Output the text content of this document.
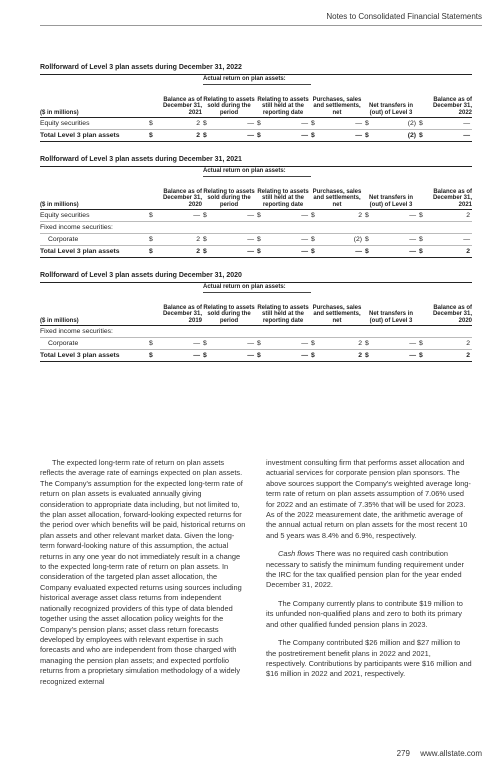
Notes to Consolidated Financial Statements
Rollforward of Level 3 plan assets during December 31, 2022
Actual return on plan assets:
($ in millions)
Balance as of December 31, 2021
Relating to assets sold during the period
Relating to assets still held at the reporting date
Purchases, sales and settlements, net
Net transfers in (out) of Level 3
Balance as of December 31, 2022
Equity securities	$	2 $	— $	— $	— $	(2) $	—
Total Level 3 plan assets	$	2 $	— $	— $	— $	(2) $	—
Rollforward of Level 3 plan assets during December 31, 2021
Actual return on plan assets:
($ in millions)
Balance as of December 31, 2020
Relating to assets sold during the period
Relating to assets still held at the reporting date
Purchases, sales and settlements, net
Net transfers in (out) of Level 3
Balance as of December 31, 2021
Equity securities	$	— $	— $	— $	2 $	— $	2
Fixed income securities:
Corporate	$	2 $	— $	— $	(2) $	— $	—
Total Level 3 plan assets	$	2 $	— $	— $	— $	— $	2
Rollforward of Level 3 plan assets during December 31, 2020
Actual return on plan assets:
($ in millions)
Balance as of December 31, 2019
Relating to assets sold during the period
Relating to assets still held at the reporting date
Purchases, sales and settlements, net
Net transfers in (out) of Level 3
Balance as of December 31, 2020
Fixed income securities:
Corporate	$	— $	— $	— $	2 $	— $	2
Total Level 3 plan assets	$	— $	— $	— $	2 $	— $	2

The expected long-term rate of return on plan assets reflects the average rate of earnings expected on plan assets. The Company’s assumption for the expected long-term rate of return on plan assets is evaluated annually giving consideration to appropriate data including, but not limited to, the plan asset allocation, forward-looking expected returns for the period over which benefits will be paid, historical returns on plan assets and other relevant market data. Given the long-term forward-looking nature of this assumption, the actual returns in any one year do not immediately result in a change to the expected long-term rate of return on plan assets. In consideration of the targeted plan asset allocation, the Company evaluated expected returns using sources including historical average asset class returns from independent nationally recognized providers of this type of data blended together using the asset allocation policy weights for the Company’s pension plans; asset class return forecasts developed by employees with relevant expertise in such forecasts and who are independent from those charged with managing the pension plan assets; and expected portfolio returns from a proprietary simulation methodology of a widely recognized external

investment consulting firm that performs asset allocation and actuarial services for corporate pension plan sponsors. The above sources support the Company’s weighted average long-term rate of return on plan assets assumption of 7.06% used for 2022 and an estimate of 7.35% that will be used for 2023. As of the 2022 measurement date, the arithmetic average of the annual actual return on plan assets for the most recent 10 and 5 years was 8.4% and 6.9%, respectively.

Cash flows There was no required cash contribution necessary to satisfy the minimum funding requirement under the IRC for the tax qualified pension plan for the year ended December 31, 2022.

The Company currently plans to contribute $19 million to its unfunded non-qualified plans and zero to both its primary and other qualified funded pension plans in 2023.

The Company contributed $26 million and $27 million to the postretirement benefit plans in 2022 and 2021, respectively. Contributions by participants were $16 million and $16 million in 2022 and 2021, respectively.

279 www.allstate.com
